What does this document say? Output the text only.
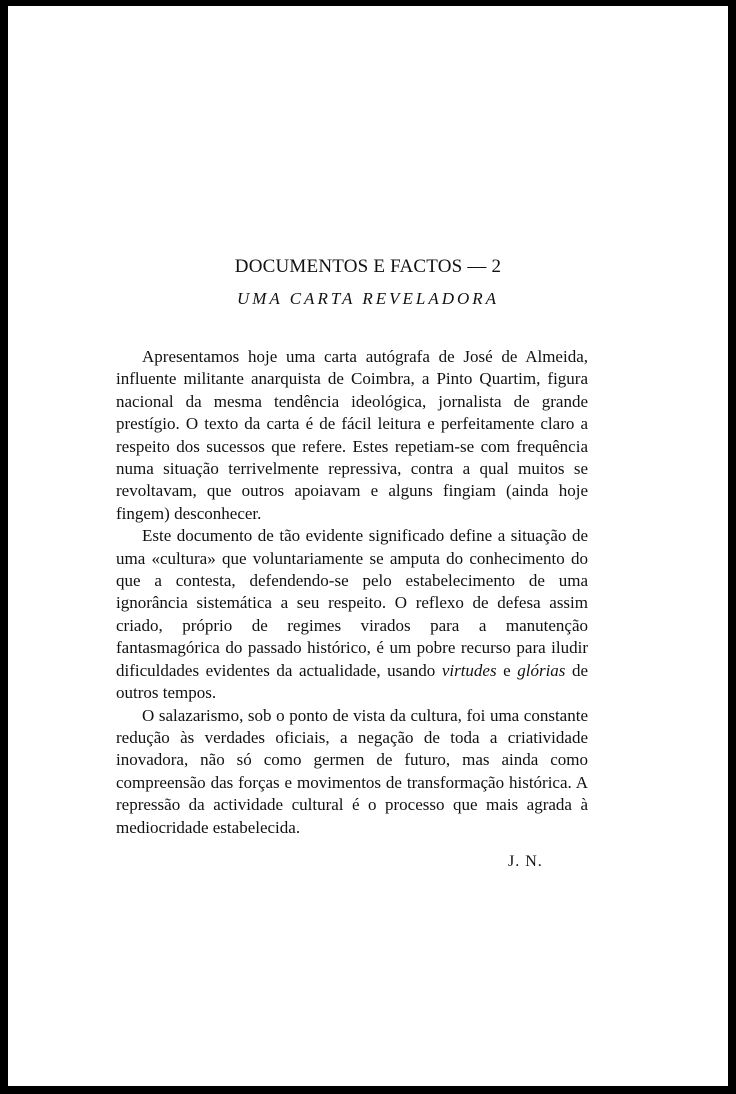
DOCUMENTOS E FACTOS — 2
UMA CARTA REVELADORA

Apresentamos hoje uma carta autógrafa de José de Almeida, influente militante anarquista de Coimbra, a Pinto Quartim, figura nacional da mesma tendência ideológica, jornalista de grande prestígio. O texto da carta é de fácil leitura e perfeitamente claro a respeito dos sucessos que refere. Estes repetiam-se com frequência numa situação terrivelmente repressiva, contra a qual muitos se revoltavam, que outros apoiavam e alguns fingiam (ainda hoje fingem) desconhecer.

Este documento de tão evidente significado define a situação de uma «cultura» que voluntariamente se amputa do conhecimento do que a contesta, defendendo-se pelo estabelecimento de uma ignorância sistemática a seu respeito. O reflexo de defesa assim criado, próprio de regimes virados para a manutenção fantasmagórica do passado histórico, é um pobre recurso para iludir dificuldades evidentes da actualidade, usando virtudes e glórias de outros tempos.

O salazarismo, sob o ponto de vista da cultura, foi uma constante redução às verdades oficiais, a negação de toda a criatividade inovadora, não só como germen de futuro, mas ainda como compreensão das forças e movimentos de transformação histórica. A repressão da actividade cultural é o processo que mais agrada à mediocridade estabelecida.

J. N.
